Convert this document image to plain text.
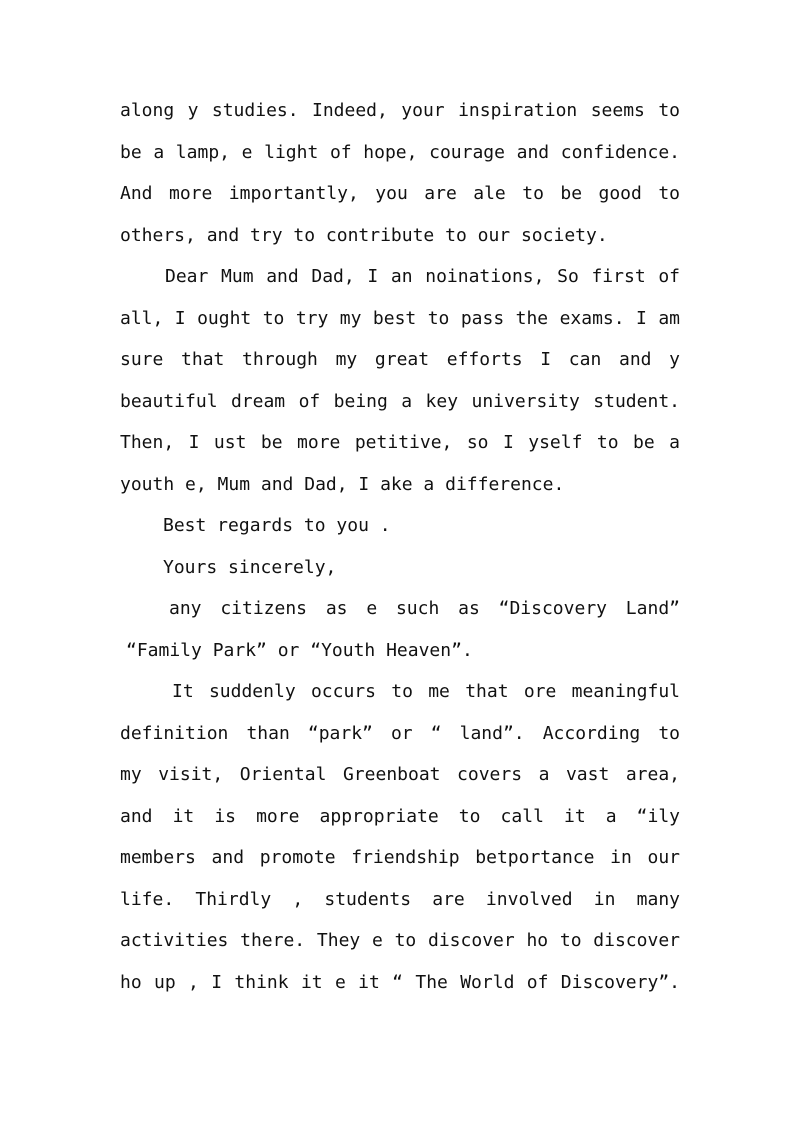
along y studies. Indeed, your inspiration seems to
be a lamp, e light of hope, courage and confidence.
And more importantly, you are ale to be good to
others, and try to contribute to our society.
Dear Mum and Dad, I an noinations, So first of
all, I ought to try my best to pass the exams. I am
sure that through my great efforts I can and y
beautiful dream of being a key university student.
Then, I ust be more petitive, so I yself to be a
youth e, Mum and Dad, I ake a difference.
Best regards to you .
Yours sincerely,
any citizens as e such as “Discovery Land”
“Family Park” or “Youth Heaven”.
It suddenly occurs to me that ore meaningful
definition than “park” or “ land”. According to
my visit, Oriental Greenboat covers a vast area,
and it is more appropriate to call it a “ily
members and promote friendship betportance in our
life. Thirdly , students are involved in many
activities there. They e to discover ho to discover
ho up , I think it e it “ The World of Discovery”.
